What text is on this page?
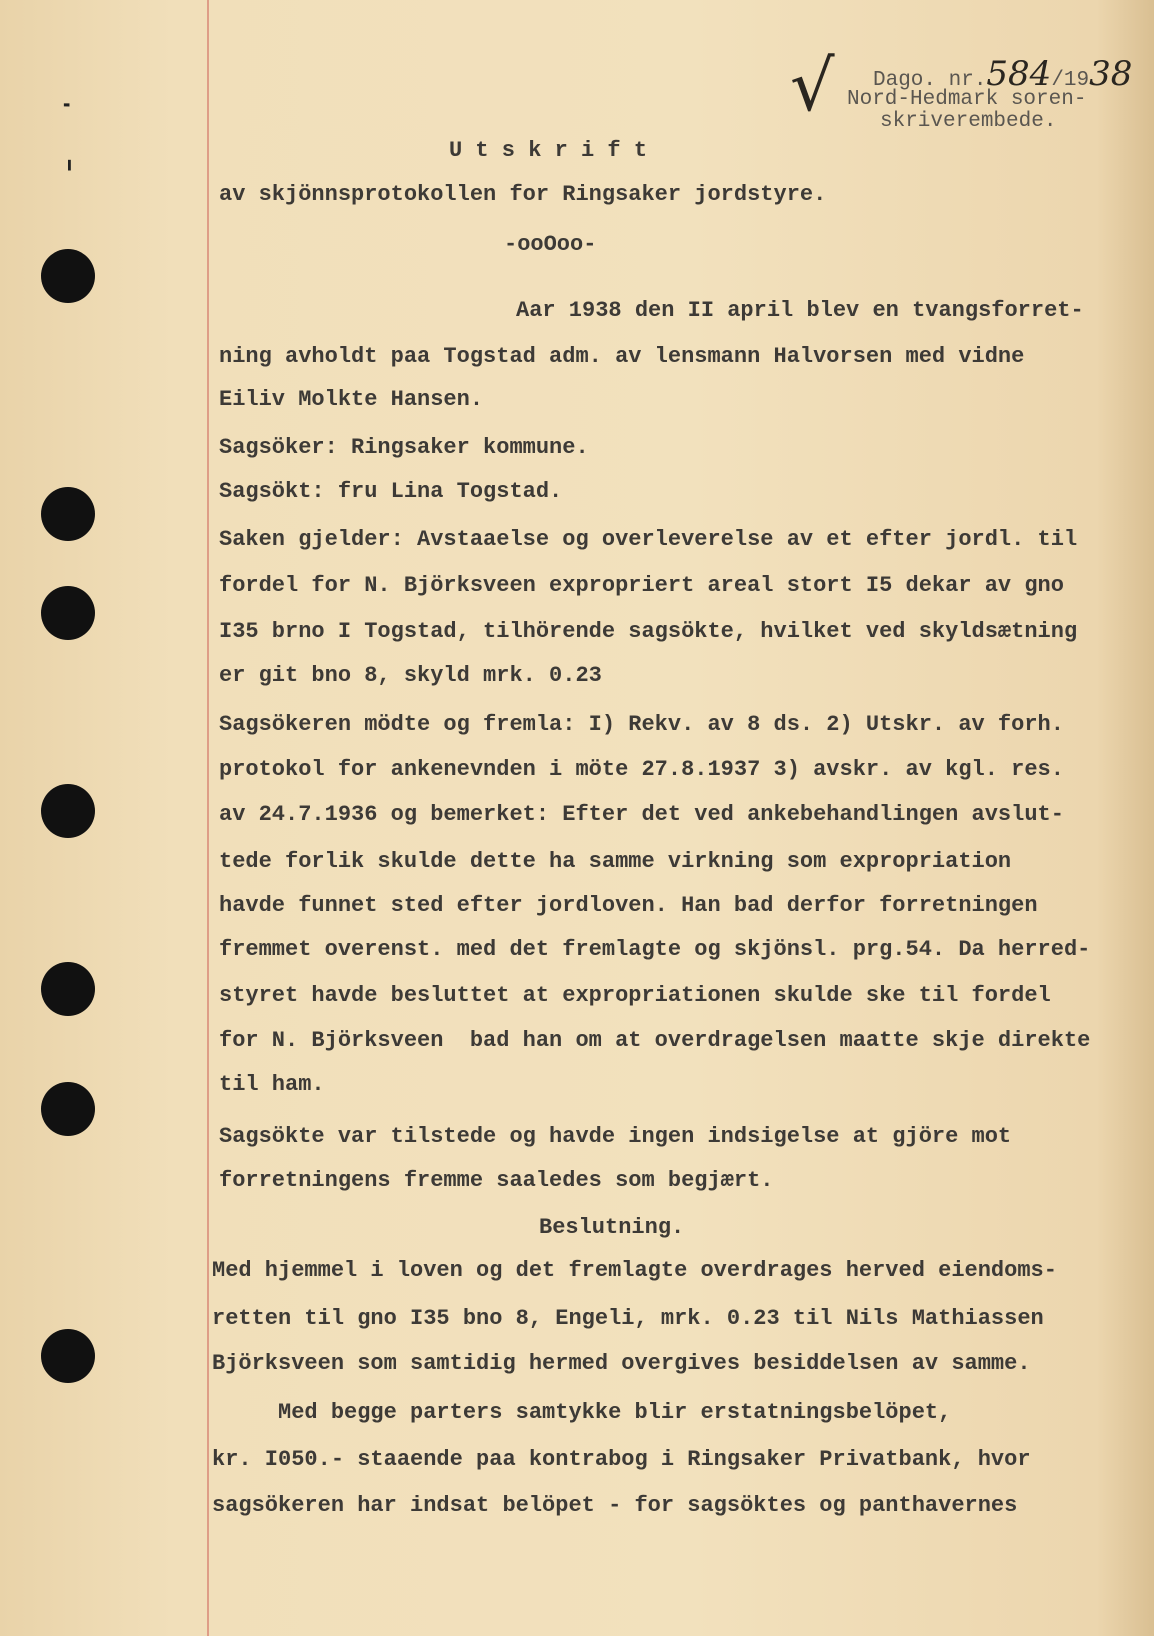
╸
╻
√ Dago. nr.584/1938
Nord-Hedmark soren-
skriverembede.
U t s k r i f t
av skjönnsprotokollen for Ringsaker jordstyre.
-ooOoo-
Aar 1938 den II april blev en tvangsforret-
ning avholdt paa Togstad adm. av lensmann Halvorsen med vidne
Eiliv Molkte Hansen.
Sagsöker: Ringsaker kommune.
Sagsökt: fru Lina Togstad.
Saken gjelder: Avstaaelse og overleverelse av et efter jordl. til
fordel for N. Björksveen expropriert areal stort I5 dekar av gno
I35 brno I Togstad, tilhörende sagsökte, hvilket ved skyldsætning
er git bno 8, skyld mrk. 0.23
Sagsökeren mödte og fremla: I) Rekv. av 8 ds. 2) Utskr. av forh.
protokol for ankenevnden i möte 27.8.1937 3) avskr. av kgl. res.
av 24.7.1936 og bemerket: Efter det ved ankebehandlingen avslut-
tede forlik skulde dette ha samme virkning som expropriation
havde funnet sted efter jordloven. Han bad derfor forretningen
fremmet overenst. med det fremlagte og skjönsl. prg.54. Da herred-
styret havde besluttet at expropriationen skulde ske til fordel
for N. Björksveen  bad han om at overdragelsen maatte skje direkte
til ham.
Sagsökte var tilstede og havde ingen indsigelse at gjöre mot
forretningens fremme saaledes som begjært.
Beslutning.
Med hjemmel i loven og det fremlagte overdrages herved eiendoms-
retten til gno I35 bno 8, Engeli, mrk. 0.23 til Nils Mathiassen
Björksveen som samtidig hermed overgives besiddelsen av samme.
Med begge parters samtykke blir erstatningsbelöpet,
kr. I050.- staaende paa kontrabog i Ringsaker Privatbank, hvor
sagsökeren har indsat belöpet - for sagsöktes og panthavernes
